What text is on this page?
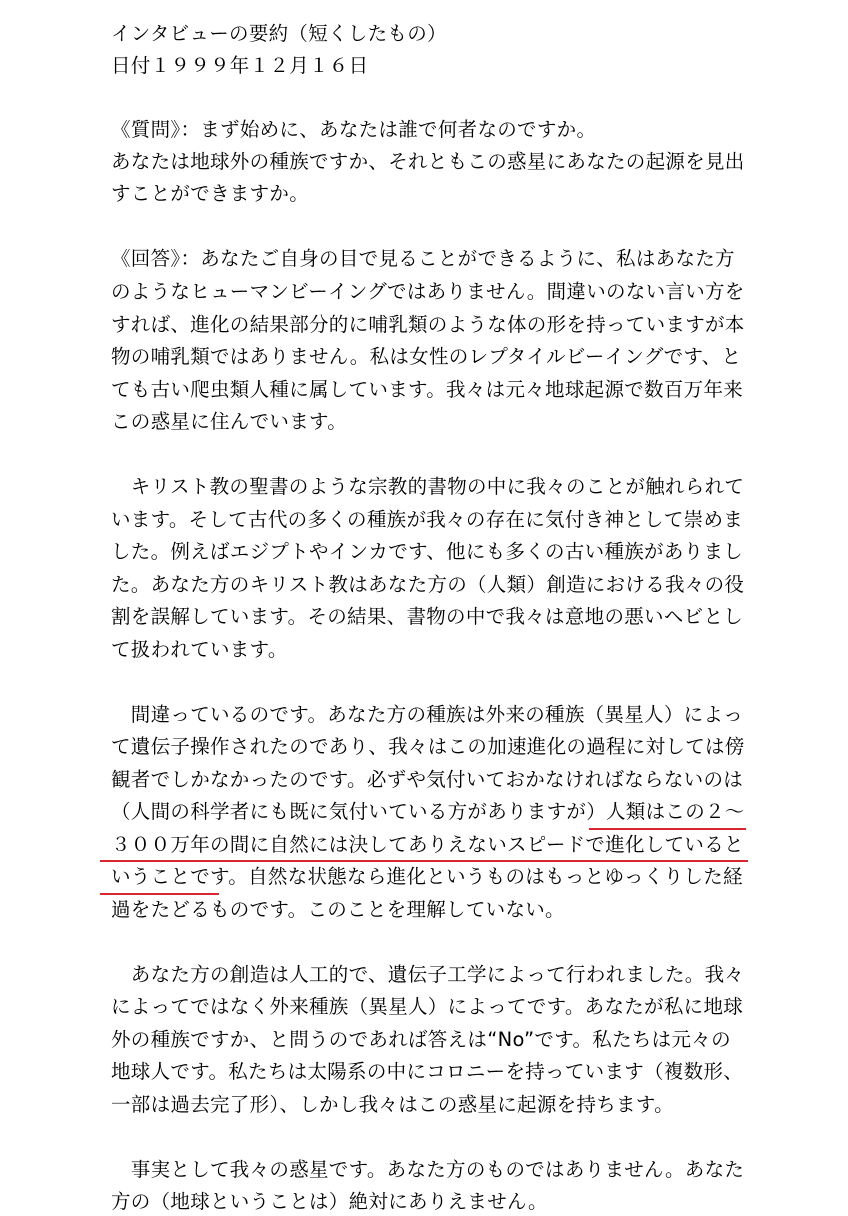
インタビューの要約（短くしたもの）
日付１９９９年１２月１６日
《質問》：まず始めに、あなたは誰で何者なのですか。
あなたは地球外の種族ですか、それともこの惑星にあなたの起源を見出
すことができますか。
《回答》：あなたご自身の目で見ることができるように、私はあなた方
のようなヒューマンビーイングではありません。間違いのない言い方を
すれば、進化の結果部分的に哺乳類のような体の形を持っていますが本
物の哺乳類ではありません。私は女性のレプタイルビーイングです、と
ても古い爬虫類人種に属しています。我々は元々地球起源で数百万年来
この惑星に住んでいます。
　キリスト教の聖書のような宗教的書物の中に我々のことが触れられて
います。そして古代の多くの種族が我々の存在に気付き神として崇めま
した。例えばエジプトやインカです、他にも多くの古い種族がありまし
た。あなた方のキリスト教はあなた方の（人類）創造における我々の役
割を誤解しています。その結果、書物の中で我々は意地の悪いヘビとし
て扱われています。
　間違っているのです。あなた方の種族は外来の種族（異星人）によっ
て遺伝子操作されたのであり、我々はこの加速進化の過程に対しては傍
観者でしかなかったのです。必ずや気付いておかなければならないのは
（人間の科学者にも既に気付いている方がありますが）人類はこの２～
３００万年の間に自然には決してありえないスピードで進化していると
いうことです。自然な状態なら進化というものはもっとゆっくりした経
過をたどるものです。このことを理解していない。
　あなた方の創造は人工的で、遺伝子工学によって行われました。我々
によってではなく外来種族（異星人）によってです。あなたが私に地球
外の種族ですか、と問うのであれば答えは“No”です。私たちは元々の
地球人です。私たちは太陽系の中にコロニーを持っています（複数形、
一部は過去完了形）、しかし我々はこの惑星に起源を持ちます。
　事実として我々の惑星です。あなた方のものではありません。あなた
方の（地球ということは）絶対にありえません。
